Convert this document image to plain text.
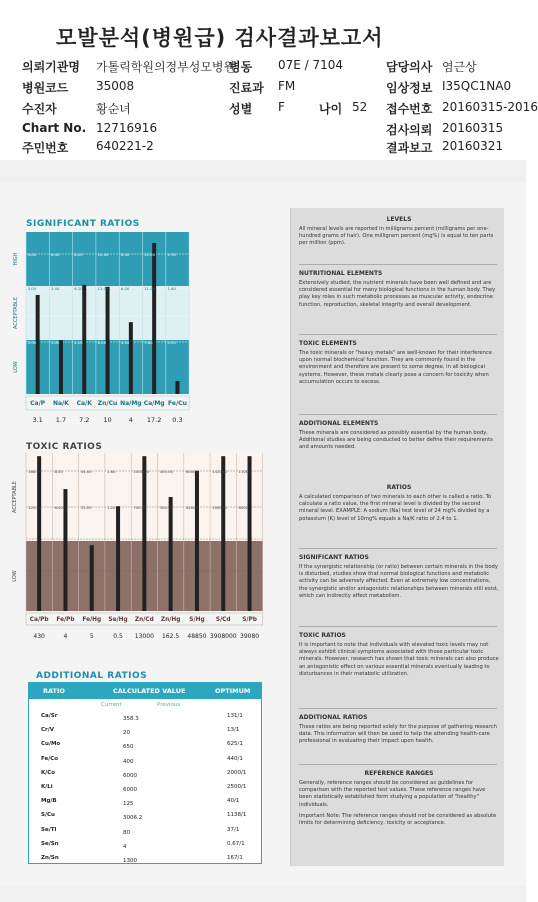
모발분석(병원급) 검사결과보고서
의뢰기관명 가톨릭학원의정부성모병원
병동 07E / 7104	담당의사 염근상
병원코드 35008	진료과 FM	임상정보 I35QC1NA0
수진자	황순녀	성별 F	나이 52 접수번호 20160315-2016
Chart No. 12716916	검사의뢰 20160315
주민번호 640221-2	결과보고 20160321
SIGNIFICANT RATIOS
HIGH
ACCEPTABLE
LOW
4.00
3.00
2.00
Ca/P
3.1
6.40
3.40
1.40
Na/K
1.7
8.20
6.20
4.20
Ca/K
7.2
10.00
12.00
8.00
Zn/Cu
10
6.00
6.00
4.00
Na/Mg
4
12.00
11.00
7.60
Ca/Mg
17.2
2.30
1.60
0.90
Fe/Cu
0.3
TOXIC RATIOS
ACCEPTABLE
LOW
168.00
120.00
Ca/Pb
430
8.00
6.00
Fe/Pb
4
44.00
33.00
Fe/Hg
5
1.60
1.20
Se/Hg
0.5
1000.00
750.00
Zn/Cd
13000
400.00
300.00
Zn/Hg
162.5
60000
42000
S/Hg
48850
142000
106500
S/Cd
3908000
11000
8000
S/Pb
39080
ADDITIONAL RATIOS
RATIO	CALCULATED VALUE	OPTIMUM
Current	Previous
Ca/Sr	358.3	131/1
Cr/V	20	13/1
Cu/Mo	650	625/1
Fe/Co	400	440/1
K/Co	6000	2000/1
K/Li	6000	2500/1
Mg/B	125	40/1
S/Cu	3006.2	1138/1
Se/Tl	80	37/1
Se/Sn	4	0.67/1
Zn/Sn	1300	167/1
LEVELS

All mineral levels are reported in milligrams percent (milligrams per one-hundred grams of hair). One milligram percent (mg%) is equal to ten parts per million (ppm).

NUTRITIONAL ELEMENTS

Extensively studied, the nutrient minerals have been well defined and are considered essential for many biological functions in the human body. They play key roles in such metabolic processes as muscular activity, endocrine function, reproduction, skeletal integrity and overall development.

TOXIC ELEMENTS

The toxic minerals or "heavy metals" are well-known for their interference upon normal biochemical function. They are commonly found in the environment and therefore are present to some degree, in all biological systems. However, these metals clearly pose a concern for toxicity when accumulation occurs to excess.

ADDITIONAL ELEMENTS

These minerals are considered as possibly essential by the human body. Additional studies are being conducted to better define their requirements and amounts needed.

RATIOS

A calculated comparison of two minerals to each other is called a ratio. To calculate a ratio value, the first mineral level is divided by the second mineral level. EXAMPLE: A sodium (Na) test level of 24 mg% divided by a potassium (K) level of 10mg% equals a Na/K ratio of 2.4 to 1.

SIGNIFICANT RATIOS

If the synergistic relationship (or ratio) between certain minerals in the body is disturbed, studies show that normal biological functions and metabolic activity can be adversely affected. Even at extremely low concentrations, the synergistic and/or antagonistic relationships between minerals still exist, which can indirectly affect metabolism.

TOXIC RATIOS

It is important to note that individuals with elevated toxic levels may not always exhibit clinical symptoms associated with those particular toxic minerals. However, research has shown that toxic minerals can also produce an antagonistic effect on various essential minerals eventually leading to disturbances in their metabolic utilization.

ADDITIONAL RATIOS

These ratios are being reported solely for the purpose of gathering research data. This information will then be used to help the attending health-care professional in evaluating their impact upon health.

REFERENCE RANGES

Generally, reference ranges should be considered as guidelines for comparison with the reported test values. These reference ranges have been statistically established form studying a population of "healthy" individuals.

Important Note: The reference ranges should not be considered as absolute limits for determining deficiency, toxicity or acceptance.
